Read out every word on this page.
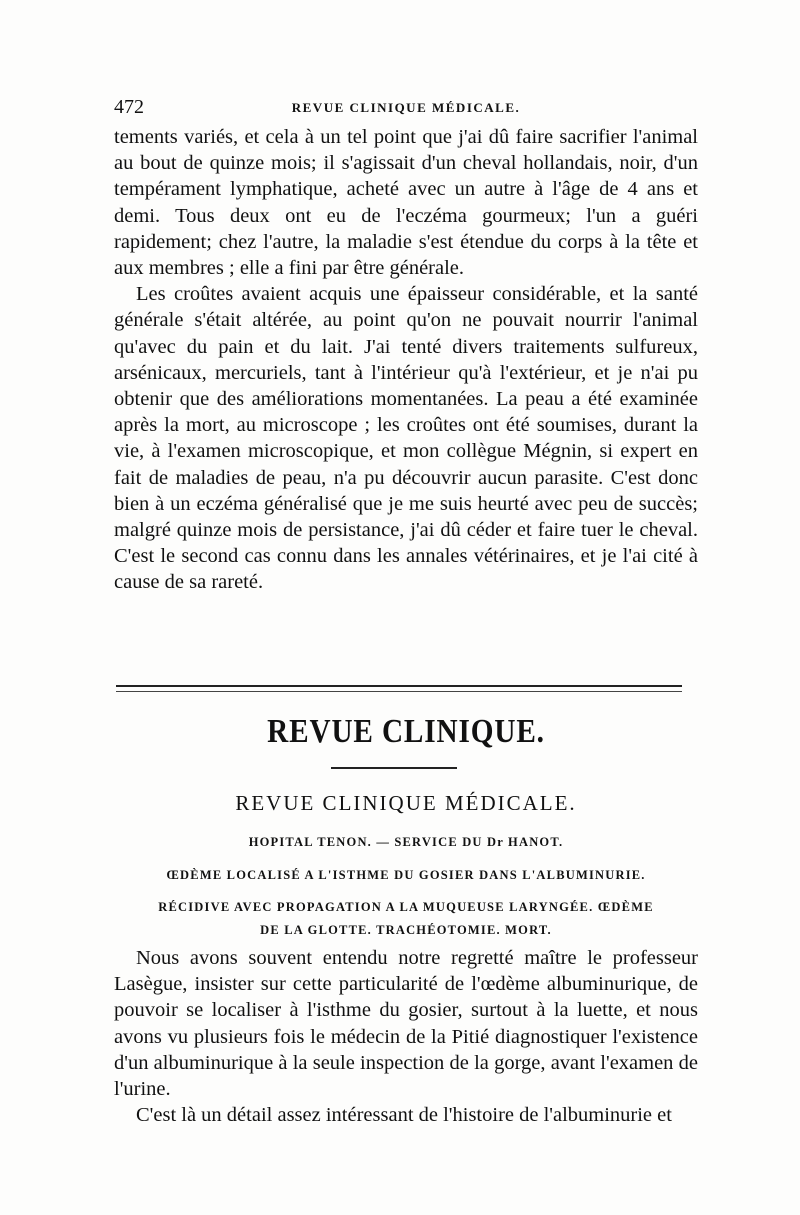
472	REVUE CLINIQUE MÉDICALE.

tements variés, et cela à un tel point que j'ai dû faire sacrifier l'animal au bout de quinze mois; il s'agissait d'un cheval hollandais, noir, d'un tempérament lymphatique, acheté avec un autre à l'âge de 4 ans et demi. Tous deux ont eu de l'eczéma gourmeux; l'un a guéri rapidement; chez l'autre, la maladie s'est étendue du corps à la tête et aux membres ; elle a fini par être générale.

Les croûtes avaient acquis une épaisseur considérable, et la santé générale s'était altérée, au point qu'on ne pouvait nourrir l'animal qu'avec du pain et du lait. J'ai tenté divers traitements sulfureux, arsénicaux, mercuriels, tant à l'intérieur qu'à l'extérieur, et je n'ai pu obtenir que des améliorations momentanées. La peau a été examinée après la mort, au microscope ; les croûtes ont été soumises, durant la vie, à l'examen microscopique, et mon collègue Mégnin, si expert en fait de maladies de peau, n'a pu découvrir aucun parasite. C'est donc bien à un eczéma généralisé que je me suis heurté avec peu de succès; malgré quinze mois de persistance, j'ai dû céder et faire tuer le cheval. C'est le second cas connu dans les annales vétérinaires, et je l'ai cité à cause de sa rareté.

REVUE CLINIQUE.
REVUE CLINIQUE MÉDICALE.
HOPITAL TENON. — SERVICE DU Dr HANOT.
ŒDÈME LOCALISÉ A L'ISTHME DU GOSIER DANS L'ALBUMINURIE.
RÉCIDIVE AVEC PROPAGATION A LA MUQUEUSE LARYNGÉE. ŒDÈME
DE LA GLOTTE. TRACHÉOTOMIE. MORT.

Nous avons souvent entendu notre regretté maître le professeur Lasègue, insister sur cette particularité de l'œdème albuminurique, de pouvoir se localiser à l'isthme du gosier, surtout à la luette, et nous avons vu plusieurs fois le médecin de la Pitié diagnostiquer l'existence d'un albuminurique à la seule inspection de la gorge, avant l'examen de l'urine.

C'est là un détail assez intéressant de l'histoire de l'albuminurie et
